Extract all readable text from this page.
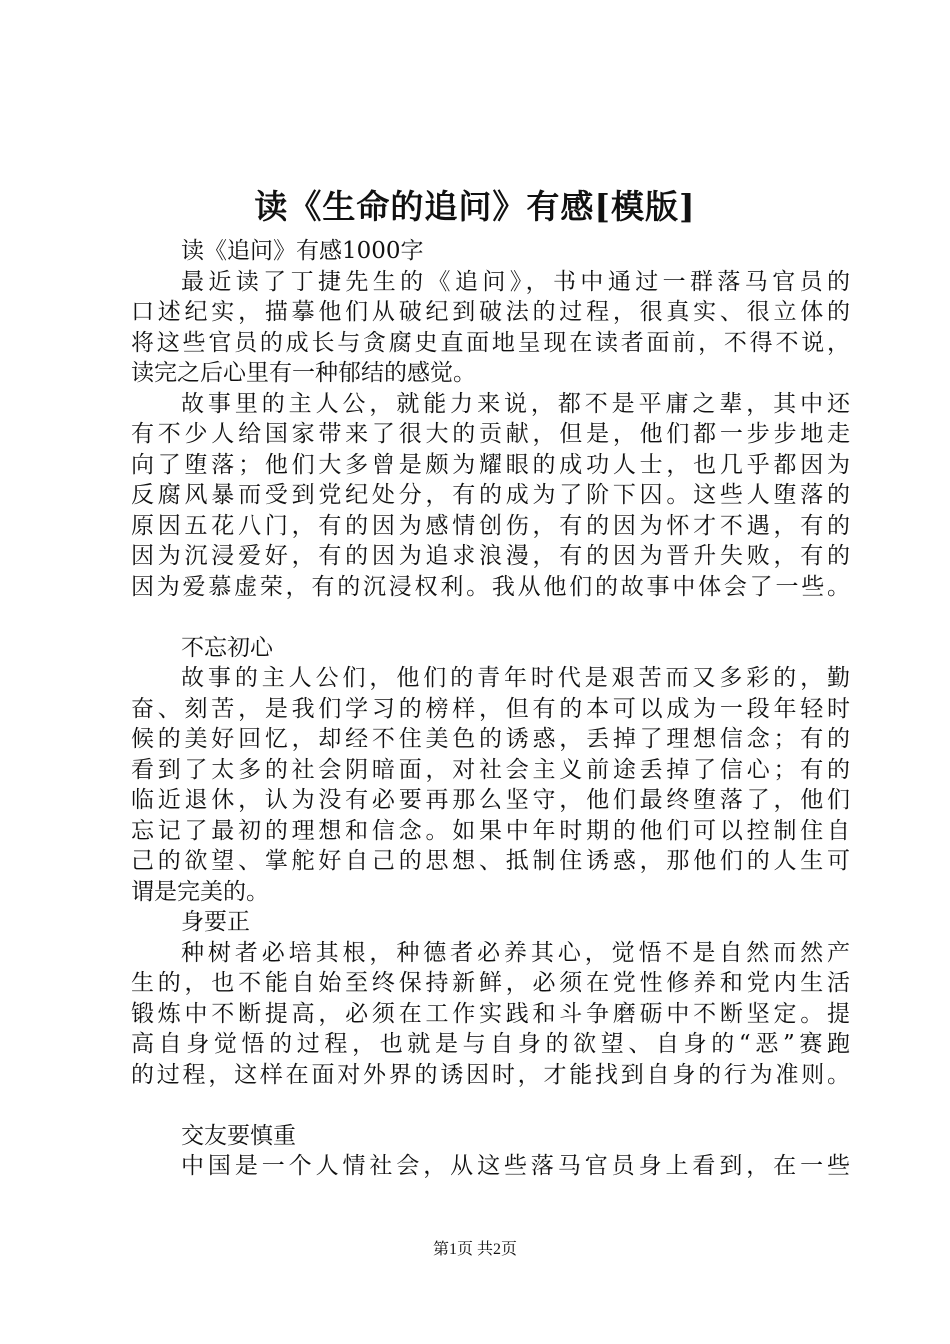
读《生命的追问》有感[模版]
读《追问》有感1000字
最近读了丁捷先生的《追问》，书中通过一群落马官员的
口述纪实，描摹他们从破纪到破法的过程，很真实、很立体的
将这些官员的成长与贪腐史直面地呈现在读者面前，不得不说，
读完之后心里有一种郁结的感觉。
故事里的主人公，就能力来说，都不是平庸之辈，其中还
有不少人给国家带来了很大的贡献，但是，他们都一步步地走
向了堕落；他们大多曾是颇为耀眼的成功人士，也几乎都因为
反腐风暴而受到党纪处分，有的成为了阶下囚。这些人堕落的
原因五花八门，有的因为感情创伤，有的因为怀才不遇，有的
因为沉浸爱好，有的因为追求浪漫，有的因为晋升失败，有的
因为爱慕虚荣，有的沉浸权利。我从他们的故事中体会了一些。
不忘初心
故事的主人公们，他们的青年时代是艰苦而又多彩的，勤
奋、刻苦，是我们学习的榜样，但有的本可以成为一段年轻时
候的美好回忆，却经不住美色的诱惑，丢掉了理想信念；有的
看到了太多的社会阴暗面，对社会主义前途丢掉了信心；有的
临近退休，认为没有必要再那么坚守，他们最终堕落了，他们
忘记了最初的理想和信念。如果中年时期的他们可以控制住自
己的欲望、掌舵好自己的思想、抵制住诱惑，那他们的人生可
谓是完美的。
身要正
种树者必培其根，种德者必养其心，觉悟不是自然而然产
生的，也不能自始至终保持新鲜，必须在党性修养和党内生活
锻炼中不断提高，必须在工作实践和斗争磨砺中不断坚定。提
高自身觉悟的过程，也就是与自身的欲望、自身的“恶”赛跑
的过程，这样在面对外界的诱因时，才能找到自身的行为准则。
交友要慎重
中国是一个人情社会，从这些落马官员身上看到，在一些
第1页 共2页
